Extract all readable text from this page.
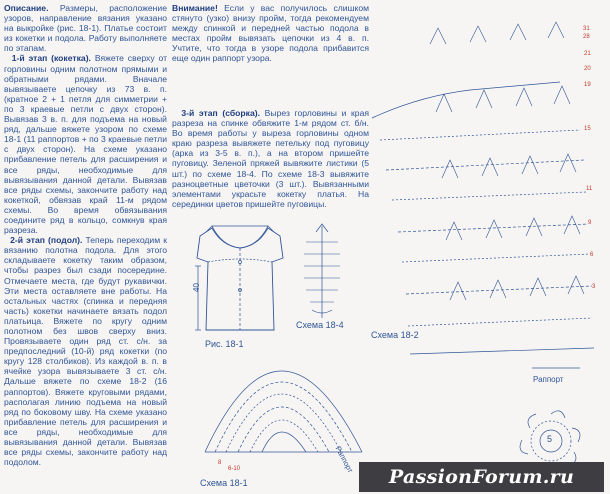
Описание. Размеры, расположение узоров, направление вязания указано на выкройке (рис. 18-1). Платье состоит из кокетки и подола. Работу выполняете по этапам.
1-й этап (кокетка). Вяжете сверху от горловины одним полотном прямыми и обратными рядами. Вначале вывязываете цепочку из 73 в. п. (кратное 2 + 1 петля для симметрии + по 3 краевые петли с двух сторон). Вывязав 3 в. п. для подъема на новый ряд, дальше вяжете узором по схеме 18-1 (11 раппортов + по 3 краевые петли с двух сторон). На схеме указано прибавление петель для расширения и все ряды, необходимые для вывязывания данной детали. Вывязав все ряды схемы, закончите работу над кокеткой, обвязав край 11-м рядом схемы. Во время обвязывания соедините ряд в кольцо, сомкнув края разреза.
2-й этап (подол). Теперь переходим к вязанию полотна подола. Для этого складываете кокетку таким образом, чтобы разрез был сзади посередине. Отмечаете места, где будут рукавички. Эти места оставляете вне работы. На остальных частях (спинка и передняя часть) кокетки начинаете вязать подол платьица. Вяжете по кругу одним полотном без швов сверху вниз. Провязываете один ряд ст. с/н. за предпоследний (10-й) ряд кокетки (по кругу 128 столбиков). Из каждой в. п. в ячейке узора вывязываете 3 ст. с/н. Дальше вяжете по схеме 18-2 (16 раппортов). Вяжете круговыми рядами, располагая линию подъема на новый ряд по боковому шву. На схеме указано прибавление петель для расширения и все ряды, необходимые для вывязывания данной детали. Вывязав все ряды схемы, закончите работу над подолом.
Внимание! Если у вас получилось слишком стянуто (узко) внизу пройм, тогда рекомендуем между спинкой и передней частью подола в местах пройм вывязать цепочки из 4 в. п. Учтите, что тогда в узоре подола прибавится еще один раппорт узора.
3-й этап (сборка). Вырез горловины и края разреза на спинке обвяжите 1-м рядом ст. б/н. Во время работы у выреза горловины одном краю разреза вывяжете петельку под пуговицу (арка из 3-5 в. п.), а на втором пришейте пуговицу. Зеленой пряжей вывяжите листики (5 шт.) по схеме 18-4. По схеме 18-3 вывяжите разноцветные цветочки (3 шт.). Вывязанными элементами украсьте кокетку платья. На серединки цветов пришейте пуговицы.
31
28
21
20
19
15
11
9
6
3
8
6-10
Рис. 18-1
40
Схема 18-4
Схема 18-2
Схема 18-1
Раппорт
Раппорт
5
PassionForum.ru
